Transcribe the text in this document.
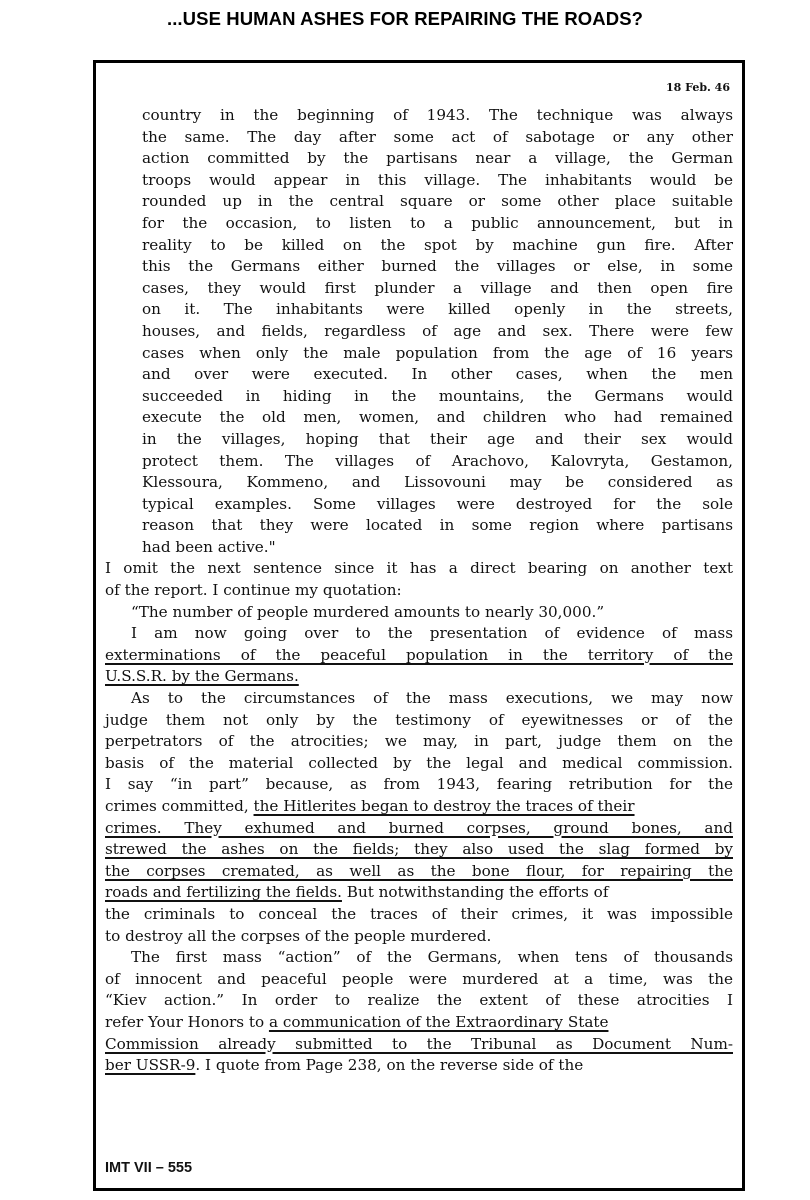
...USE HUMAN ASHES FOR REPAIRING THE ROADS?
18 Feb. 46
country in the beginning of 1943. The technique was always
the same. The day after some act of sabotage or any other
action committed by the partisans near a village, the German
troops would appear in this village. The inhabitants would be
rounded up in the central square or some other place suitable
for the occasion, to listen to a public announcement, but in
reality to be killed on the spot by machine gun fire. After
this the Germans either burned the villages or else, in some
cases, they would first plunder a village and then open fire
on it. The inhabitants were killed openly in the streets,
houses, and fields, regardless of age and sex. There were few
cases when only the male population from the age of 16 years
and over were executed. In other cases, when the men
succeeded in hiding in the mountains, the Germans would
execute the old men, women, and children who had remained
in the villages, hoping that their age and their sex would
protect them. The villages of Arachovo, Kalovryta, Gestamon,
Klessoura, Kommeno, and Lissovouni may be considered as
typical examples. Some villages were destroyed for the sole
reason that they were located in some region where partisans
had been active."
I omit the next sentence since it has a direct bearing on another text
of the report. I continue my quotation:
“The number of people murdered amounts to nearly 30,000.”
I am now going over to the presentation of evidence of mass
exterminations of the peaceful population in the territory of the
U.S.S.R. by the Germans.
As to the circumstances of the mass executions, we may now
judge them not only by the testimony of eyewitnesses or of the
perpetrators of the atrocities; we may, in part, judge them on the
basis of the material collected by the legal and medical commission.
I say “in part” because, as from 1943, fearing retribution for the
crimes committed, the Hitlerites began to destroy the traces of their
crimes. They exhumed and burned corpses, ground bones, and
strewed the ashes on the fields; they also used the slag formed by
the corpses cremated, as well as the bone flour, for repairing the
roads and fertilizing the fields. But notwithstanding the efforts of
the criminals to conceal the traces of their crimes, it was impossible
to destroy all the corpses of the people murdered.
The first mass “action” of the Germans, when tens of thousands
of innocent and peaceful people were murdered at a time, was the
“Kiev action.” In order to realize the extent of these atrocities I
refer Your Honors to a communication of the Extraordinary State
Commission already submitted to the Tribunal as Document Num-
ber USSR-9. I quote from Page 238, on the reverse side of the
IMT VII – 555
